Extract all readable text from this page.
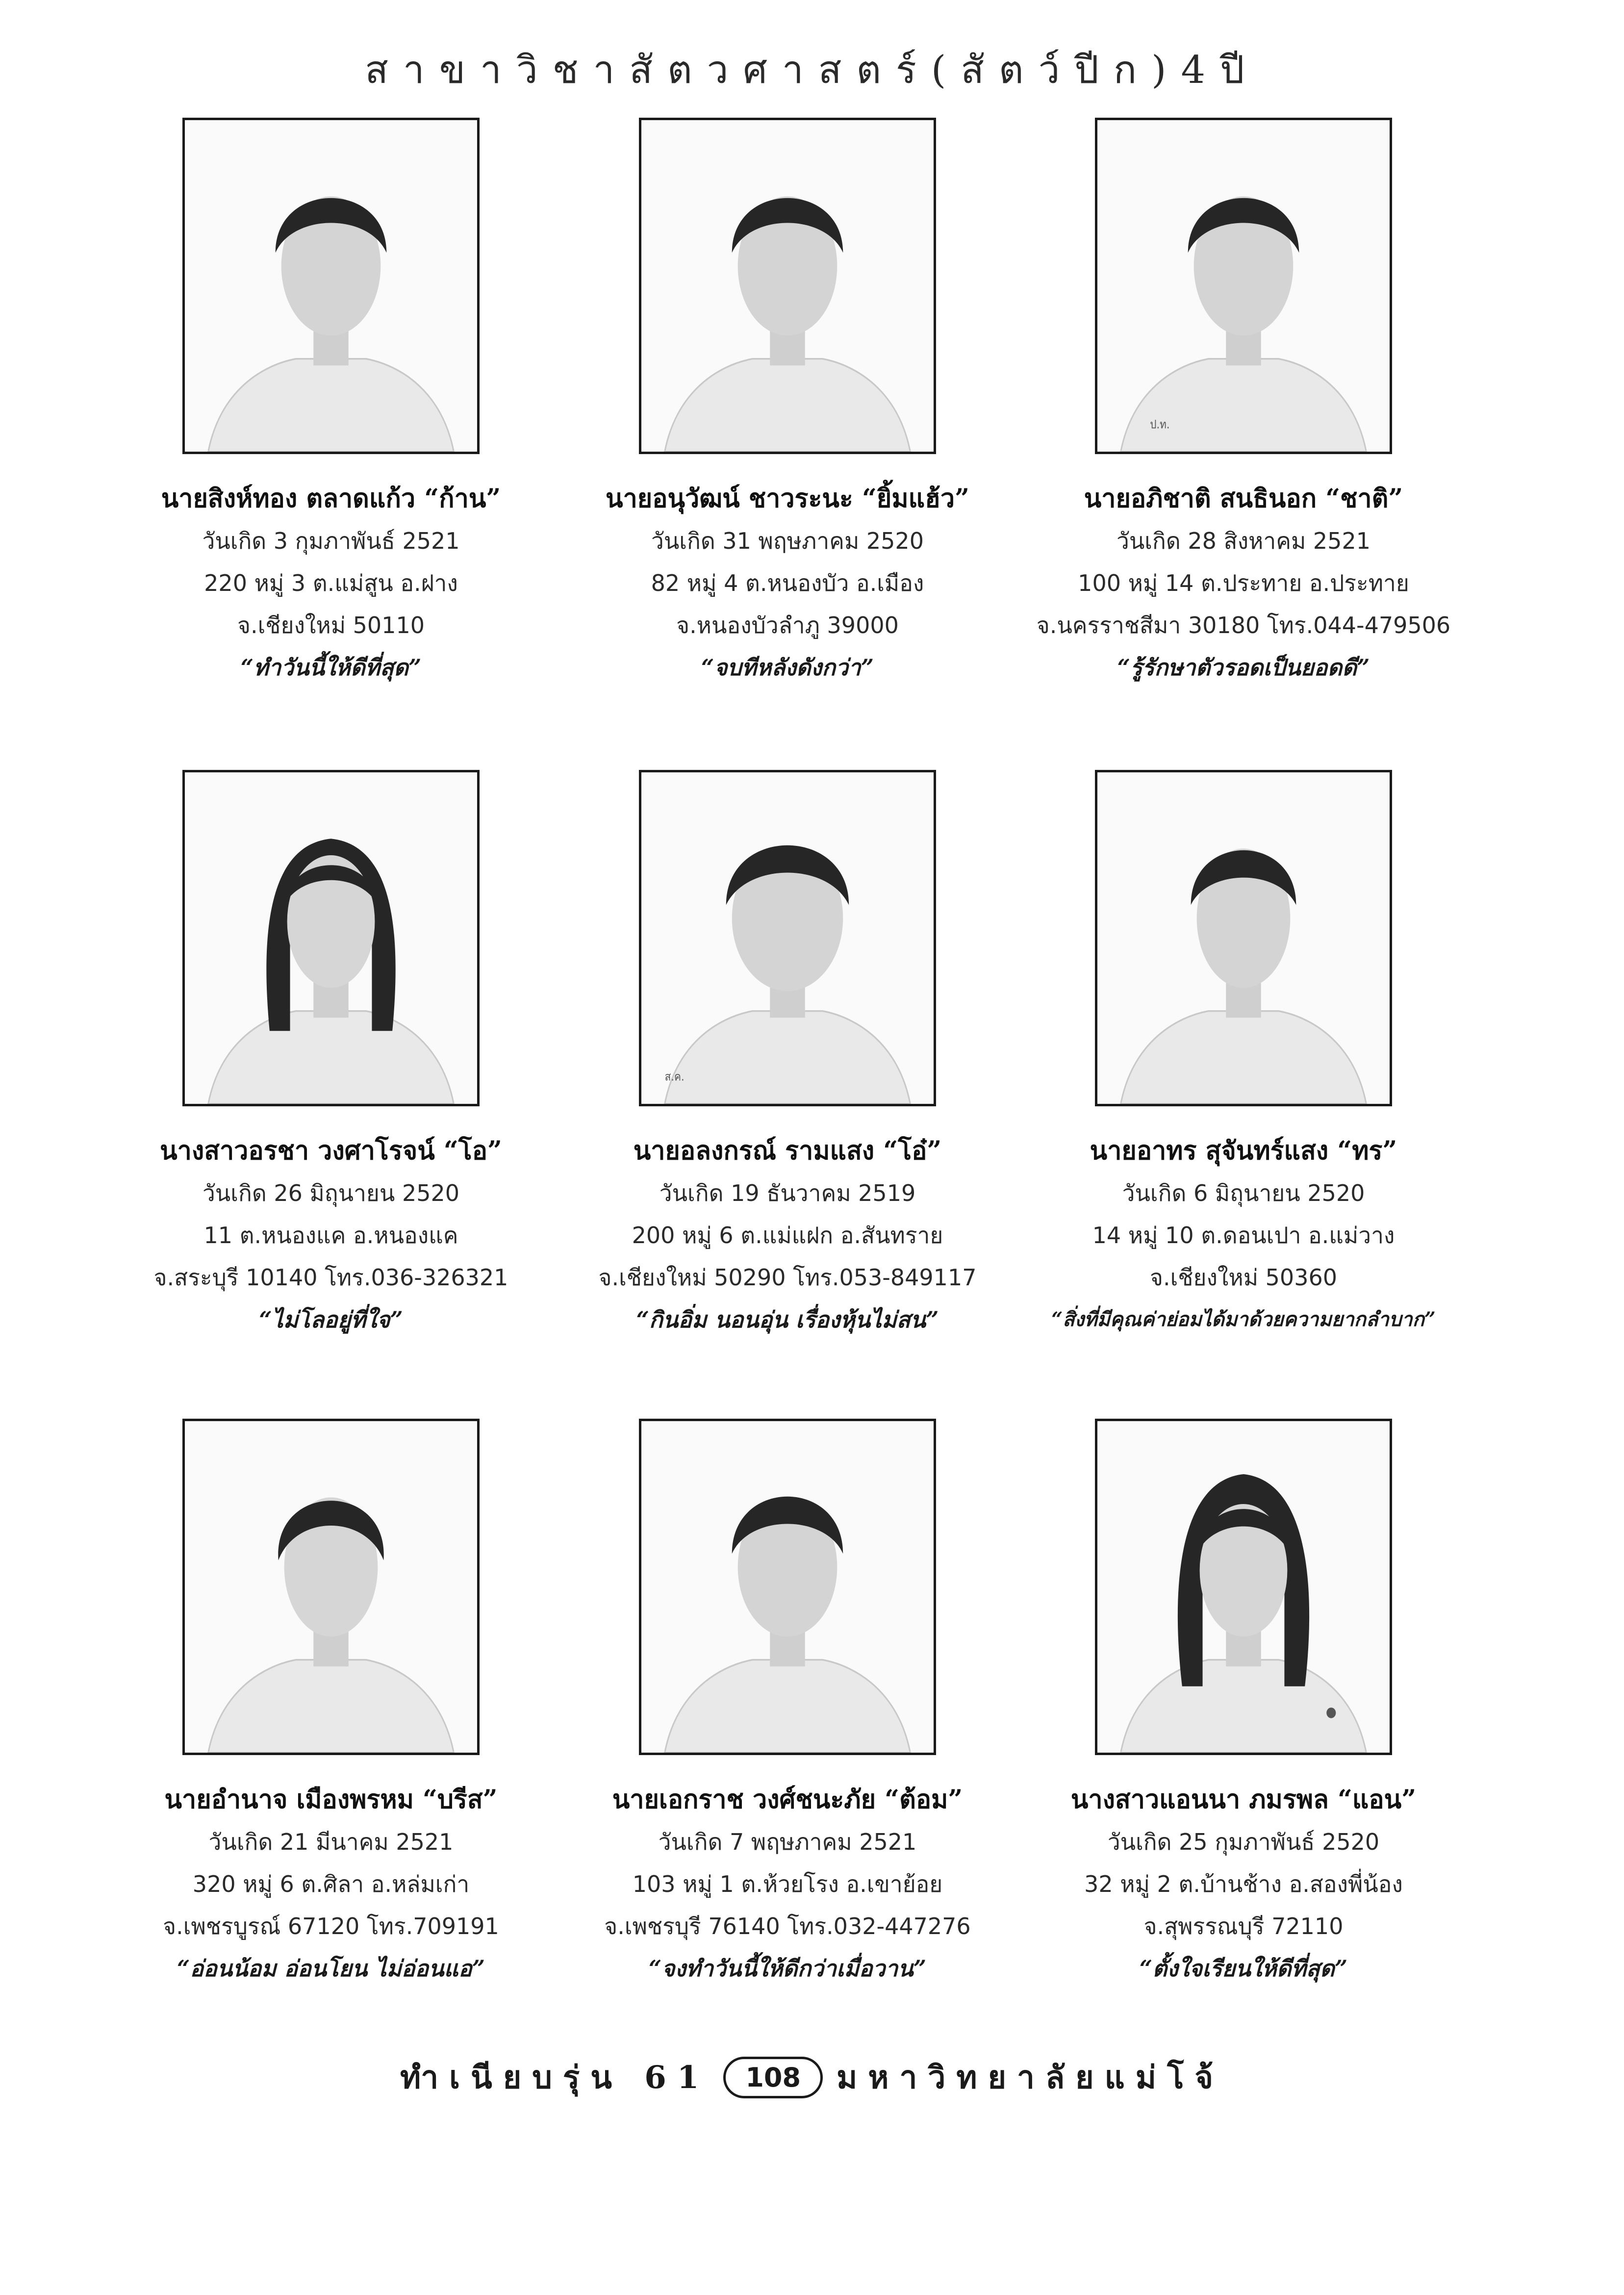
สาขาวิชาสัตวศาสตร์(สัตว์ปีก)4ปี
นายสิงห์ทอง ตลาดแก้ว “ก้าน”
วันเกิด 3 กุมภาพันธ์ 2521
220 หมู่ 3 ต.แม่สูน อ.ฝาง
จ.เชียงใหม่ 50110
“ทำวันนี้ให้ดีที่สุด”
นายอนุวัฒน์ ชาวระนะ “ยิ้มแฮ้ว”
วันเกิด 31 พฤษภาคม 2520
82 หมู่ 4 ต.หนองบัว อ.เมือง
จ.หนองบัวลำภู 39000
“จบทีหลังดังกว่า”
ป.ท.
นายอภิชาติ สนธินอก “ชาติ”
วันเกิด 28 สิงหาคม 2521
100 หมู่ 14 ต.ประทาย อ.ประทาย
จ.นครราชสีมา 30180 โทร.044-479506
“รู้รักษาตัวรอดเป็นยอดดี”
นางสาวอรชา วงศาโรจน์ “โอ”
วันเกิด 26 มิถุนายน 2520
11 ต.หนองแค อ.หนองแค
จ.สระบุรี 10140 โทร.036-326321
“ไม่โลอยู่ที่ใจ”
ส.ค.
นายอลงกรณ์ รามแสง “โอ๋”
วันเกิด 19 ธันวาคม 2519
200 หมู่ 6 ต.แม่แฝก อ.สันทราย
จ.เชียงใหม่ 50290 โทร.053-849117
“กินอิ่ม นอนอุ่น เรื่องหุ้นไม่สน”
นายอาทร สุจันทร์แสง “ทร”
วันเกิด 6 มิถุนายน 2520
14 หมู่ 10 ต.ดอนเปา อ.แม่วาง
จ.เชียงใหม่ 50360
“สิ่งที่มีคุณค่าย่อมได้มาด้วยความยากลำบาก”
นายอำนาจ เมืองพรหม “บรีส”
วันเกิด 21 มีนาคม 2521
320 หมู่ 6 ต.ศิลา อ.หล่มเก่า
จ.เพชรบูรณ์ 67120 โทร.709191
“อ่อนน้อม อ่อนโยน ไม่อ่อนแอ”
นายเอกราช วงศ์ชนะภัย “ต้อม”
วันเกิด 7 พฤษภาคม 2521
103 หมู่ 1 ต.ห้วยโรง อ.เขาย้อย
จ.เพชรบุรี 76140 โทร.032-447276
“จงทำวันนี้ให้ดีกว่าเมื่อวาน”
นางสาวแอนนา ภมรพล “แอน”
วันเกิด 25 กุมภาพันธ์ 2520
32 หมู่ 2 ต.บ้านช้าง อ.สองพี่น้อง
จ.สุพรรณบุรี 72110
“ตั้งใจเรียนให้ดีที่สุด”
ทำเนียบรุ่น 61 108 มหาวิทยาลัยแม่โจ้
